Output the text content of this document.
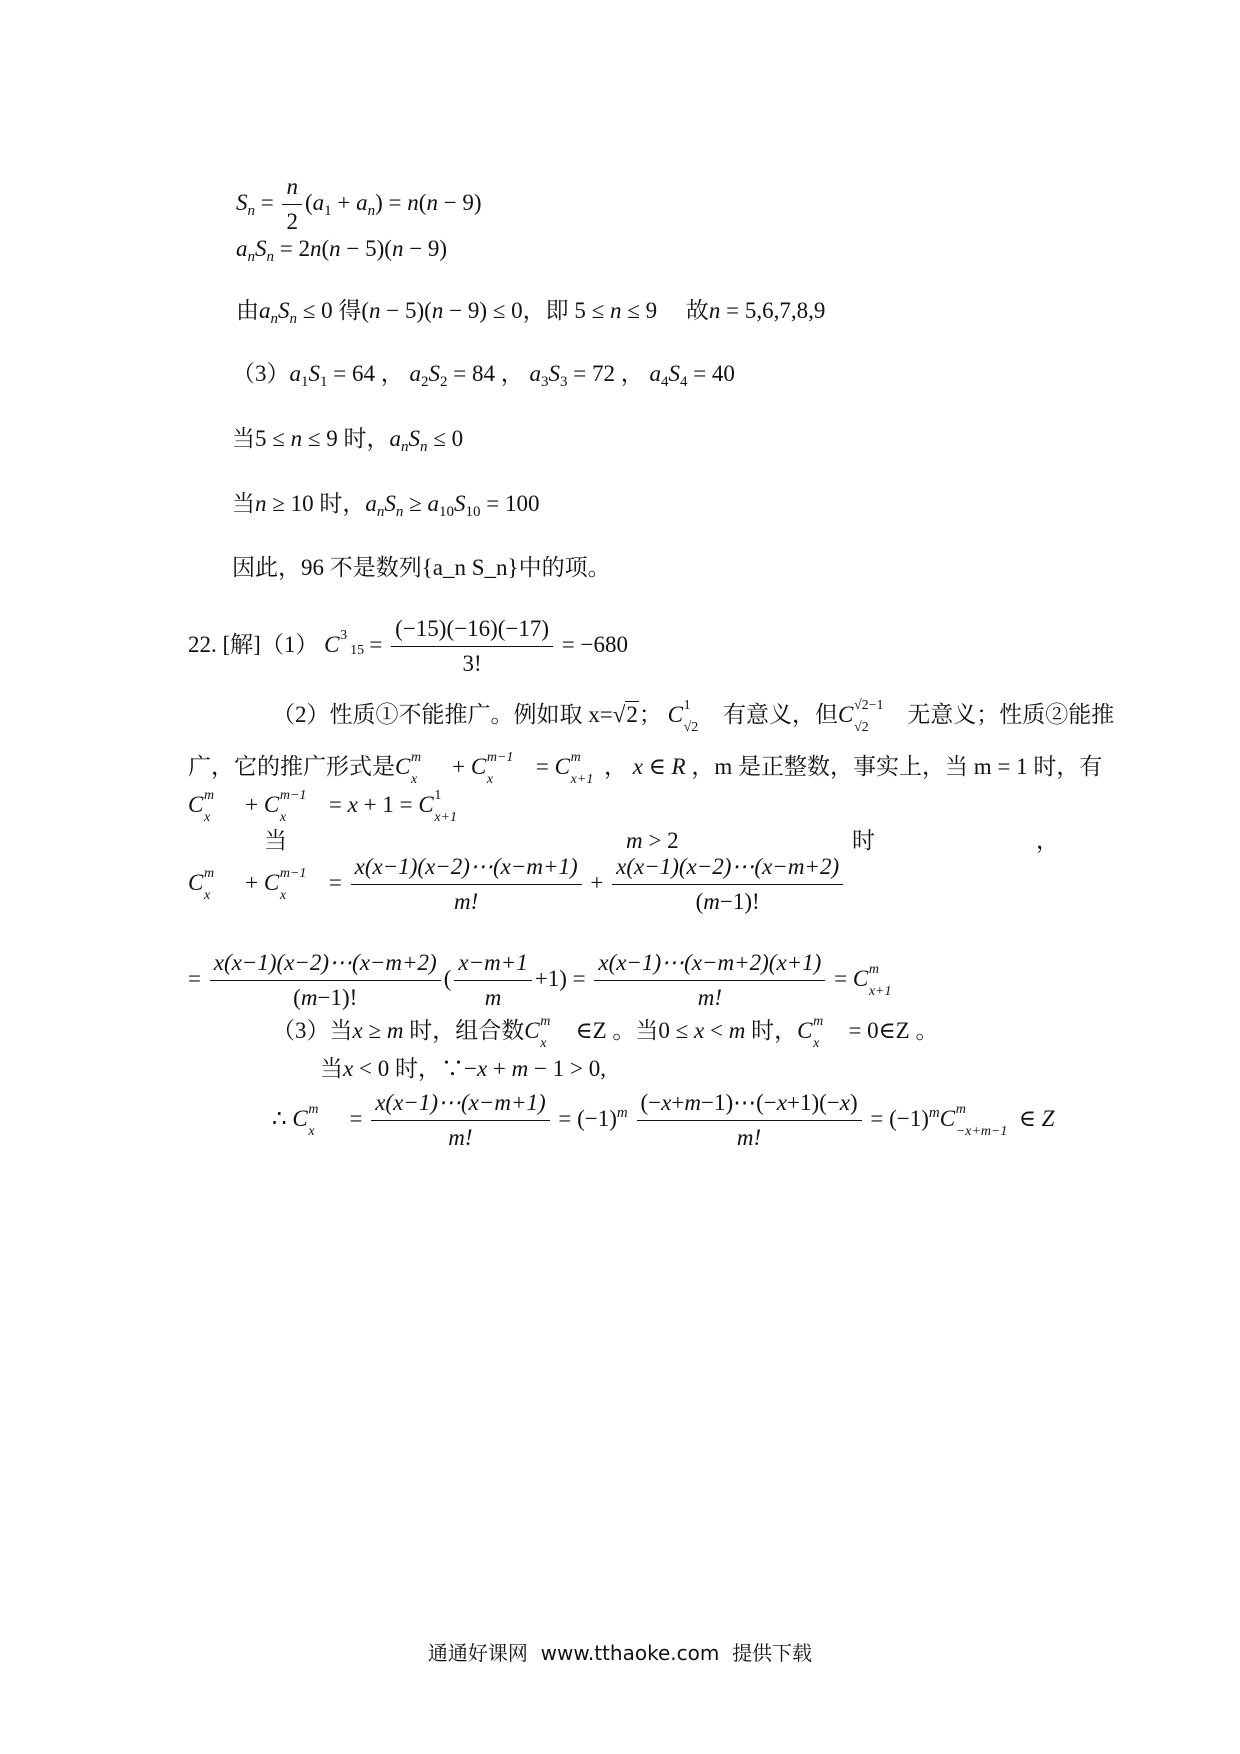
$S_n = \frac{n}{2} (a_1 + a_n) = n(n - 9)$
$a_nS_n = 2n(n - 5)(n - 9)$
由$a_nS_n \le 0$ 得(n − 5)(n − 9) ≤ 0，即 5 ≤ n ≤ 9     故n = 5,6,7,8,9
$(3)a_1S_1 = 64$ ， $a_2S_2 = 84$ ， $a_3S_3 = 72$ ， $a_4S_4 = 40$
当5 ≤ n ≤ 9 时，$a_nS_n \le 0$
当n ≥ 10 时，$a_nS_n \ge a_{10}S_{10} = 100$
因此，96 不是数列{a_n S_n}中的项。
22. [解]（1） C 3
$15 = \frac{(-15)(-16)(-17)}{3!} = -680$
（2）性质①不能推广。例如取 x=√2； C 1
√2
有意义，但C √2−1
√2
无意义；性质②能推
广，它的推广形式是C m
x
+ C m−1
x
= C m
x+1
， x ∈ R ，m 是正整数，事实上，当 m = 1 时，有
C m
x
+ C m−1
x
= x + 1 = C 1
x+1
当	m > 2	时	，
C m
x
+ C m−1
x
= $\frac{x(x-1)(x-2)\cdots(x-m+1)}{m!} + \frac{x(x-1)(x-2)\cdots(x-m+2)}{(m-1)!}$
= $\frac{x(x-1)(x-2)\cdots(x-m+2)}{(m-1)!}$ ( $\frac{x-m+1}{m} +1) = \frac{x(x-1)\cdots(x-m+2)(x+1)}{m!} = C$ m
x+1
（3）当x ≥ m 时，组合数C m
x
∈Z 。当0 ≤ x < m 时，C m
x
= 0∈Z 。
当x < 0 时，∵−x + m − 1 > 0,
∴ C m
x
= $\frac{x(x-1)\cdots(x-m+1)}{m!} = (-1)^m \frac{(-x+m-1)\cdots(-x+1)(-x)}{m!} = (-1)^mC$ m
−x+m−1
∈ Z
通通好课网 www.tthaoke.com 提供下载
